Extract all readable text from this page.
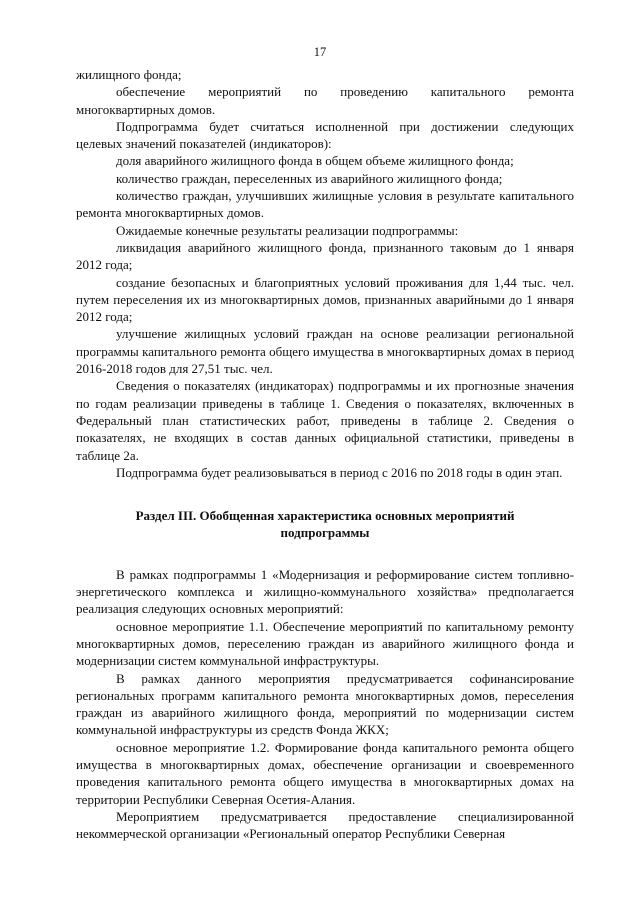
17

жилищного фонда;

обеспечение мероприятий по проведению капитального ремонта многоквартирных домов.

Подпрограмма будет считаться исполненной при достижении следующих целевых значений показателей (индикаторов):

доля аварийного жилищного фонда в общем объеме жилищного фонда;

количество граждан, переселенных из аварийного жилищного фонда;

количество граждан, улучшивших жилищные условия в результате капитального ремонта многоквартирных домов.

Ожидаемые конечные результаты реализации подпрограммы:

ликвидация аварийного жилищного фонда, признанного таковым до 1 января 2012 года;

создание безопасных и благоприятных условий проживания для 1,44 тыс. чел. путем переселения их из многоквартирных домов, признанных аварийными до 1 января 2012 года;

улучшение жилищных условий граждан на основе реализации региональной программы капитального ремонта общего имущества в многоквартирных домах в период 2016-2018 годов для 27,51 тыс. чел.

Сведения о показателях (индикаторах) подпрограммы и их прогнозные значения по годам реализации приведены в таблице 1. Сведения о показателях, включенных в Федеральный план статистических работ, приведены в таблице 2. Сведения о показателях, не входящих в состав данных официальной статистики, приведены в таблице 2а.

Подпрограмма будет реализовываться в период с 2016 по 2018 годы в один этап.

Раздел III. Обобщенная характеристика основных мероприятий подпрограммы

В рамках подпрограммы 1 «Модернизация и реформирование систем топливно-энергетического комплекса и жилищно-коммунального хозяйства» предполагается реализация следующих основных мероприятий:

основное мероприятие 1.1. Обеспечение мероприятий по капитальному ремонту многоквартирных домов, переселению граждан из аварийного жилищного фонда и модернизации систем коммунальной инфраструктуры.

В рамках данного мероприятия предусматривается софинансирование региональных программ капитального ремонта многоквартирных домов, переселения граждан из аварийного жилищного фонда, мероприятий по модернизации систем коммунальной инфраструктуры из средств Фонда ЖКХ;

основное мероприятие 1.2. Формирование фонда капитального ремонта общего имущества в многоквартирных домах, обеспечение организации и своевременного проведения капитального ремонта общего имущества в многоквартирных домах на территории Республики Северная Осетия-Алания.

Мероприятием предусматривается предоставление специализированной некоммерческой организации «Региональный оператор Республики Северная
